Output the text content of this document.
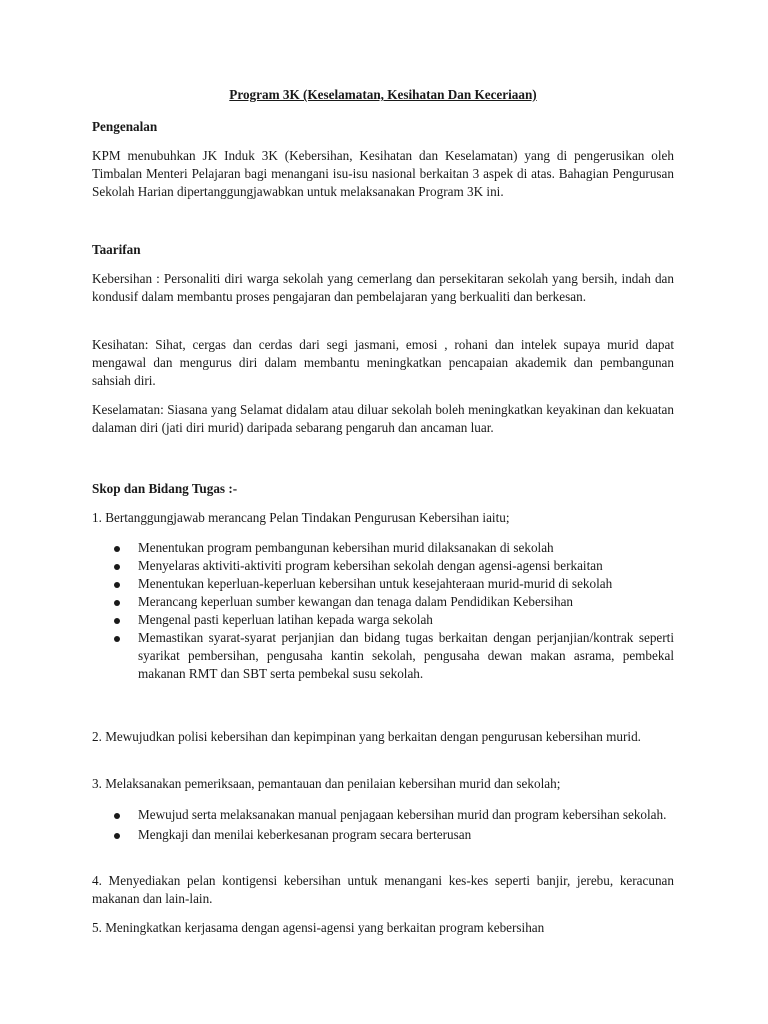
Program 3K (Keselamatan, Kesihatan Dan Keceriaan)
Pengenalan
KPM menubuhkan JK Induk 3K (Kebersihan, Kesihatan dan Keselamatan) yang di pengerusikan oleh Timbalan Menteri Pelajaran bagi menangani isu-isu nasional berkaitan 3 aspek di atas. Bahagian Pengurusan Sekolah Harian dipertanggungjawabkan untuk melaksanakan Program 3K ini.
Taarifan
Kebersihan : Personaliti diri warga sekolah yang cemerlang dan persekitaran sekolah yang bersih, indah dan kondusif dalam membantu proses pengajaran dan pembelajaran yang berkualiti dan berkesan.
Kesihatan: Sihat, cergas dan cerdas dari segi jasmani, emosi , rohani dan intelek supaya murid dapat mengawal dan mengurus diri dalam membantu meningkatkan pencapaian akademik dan pembangunan sahsiah diri.
Keselamatan: Siasana yang Selamat didalam atau diluar sekolah boleh meningkatkan keyakinan dan kekuatan dalaman diri (jati diri murid) daripada sebarang pengaruh dan ancaman luar.
Skop dan Bidang Tugas :-
1. Bertanggungjawab merancang Pelan Tindakan Pengurusan Kebersihan iaitu;
Menentukan program pembangunan kebersihan murid dilaksanakan di sekolah
Menyelaras aktiviti-aktiviti program kebersihan sekolah dengan agensi-agensi berkaitan
Menentukan keperluan-keperluan kebersihan untuk kesejahteraan murid-murid di sekolah
Merancang keperluan sumber kewangan dan tenaga dalam Pendidikan Kebersihan
Mengenal pasti keperluan latihan kepada warga sekolah
Memastikan syarat-syarat perjanjian dan bidang tugas berkaitan dengan perjanjian/kontrak seperti syarikat pembersihan, pengusaha kantin sekolah, pengusaha dewan makan asrama, pembekal makanan RMT dan SBT serta pembekal susu sekolah.
2. Mewujudkan polisi kebersihan dan kepimpinan yang berkaitan dengan pengurusan kebersihan murid.
3. Melaksanakan pemeriksaan, pemantauan dan penilaian kebersihan murid dan sekolah;
Mewujud serta melaksanakan manual penjagaan kebersihan murid dan program kebersihan sekolah.
Mengkaji dan menilai keberkesanan program secara berterusan
4. Menyediakan pelan kontigensi kebersihan untuk menangani kes-kes seperti banjir, jerebu, keracunan makanan dan lain-lain.
5. Meningkatkan kerjasama dengan agensi-agensi yang berkaitan program kebersihan
